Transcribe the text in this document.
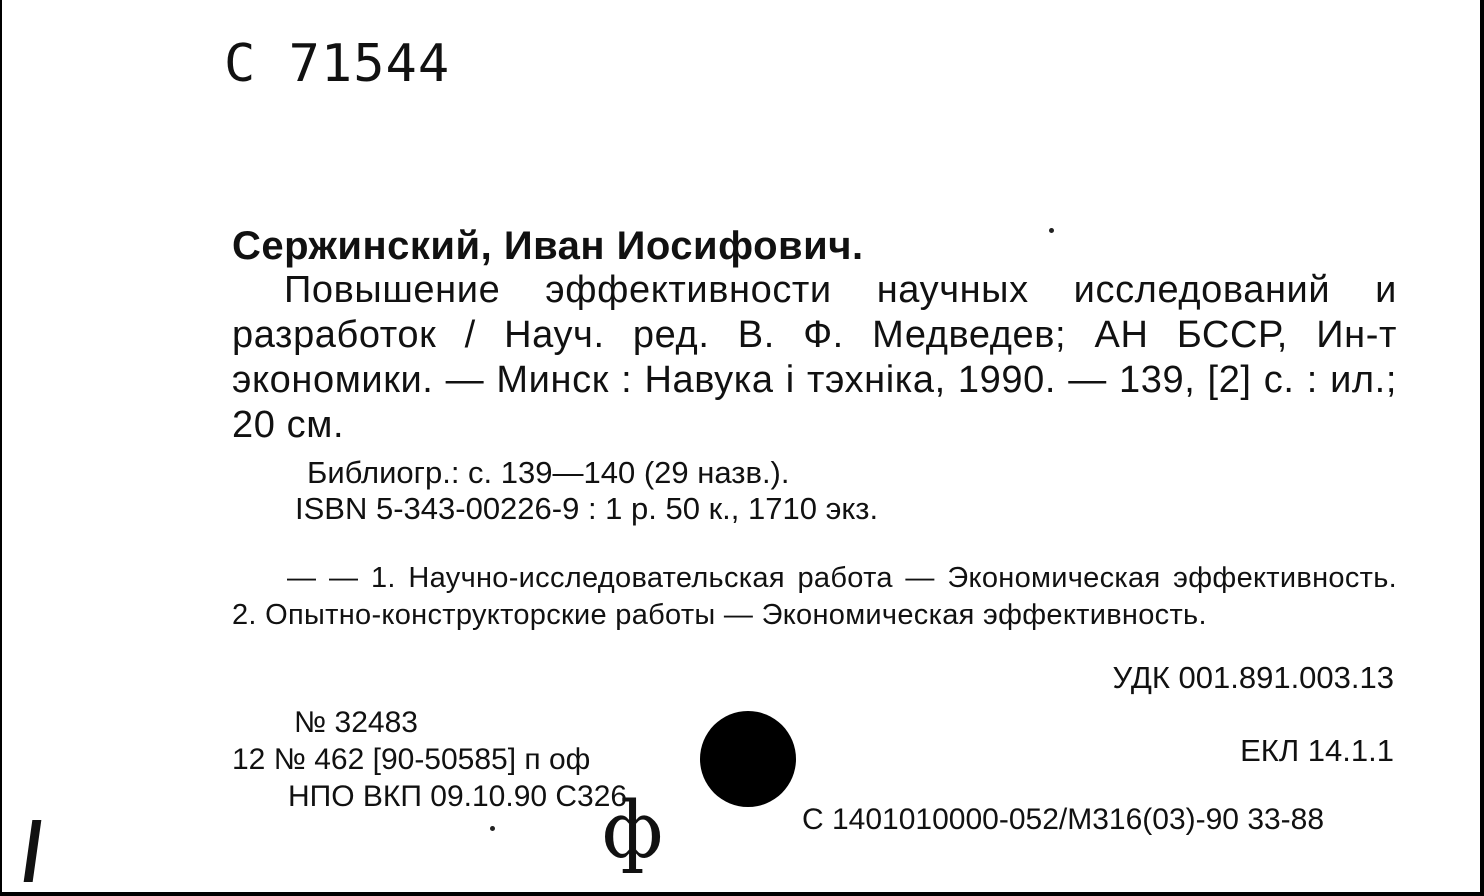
С 71544
Сержинский, Иван Иосифович.
Повышение эффективности научных исследований и разработок / Науч. ред. В. Ф. Медведев; АН БССР, Ин-т экономики. — Минск : Навука і тэхніка, 1990. — 139, [2] с. : ил.; 20 см.
Библиогр.: с. 139—140 (29 назв.).
ISBN 5-343-00226-9 : 1 р. 50 к., 1710 экз.
— — 1. Научно-исследовательская работа — Экономическая эффективность. 2. Опытно-конструкторские работы — Экономическая эффективность.
УДК 001.891.003.13
№ 32483
12 № 462 [90-50585] п оф
НПО ВКП 09.10.90 С326
ЕКЛ 14.1.1
С 1401010000-052/М316(03)-90 33-88
ф
